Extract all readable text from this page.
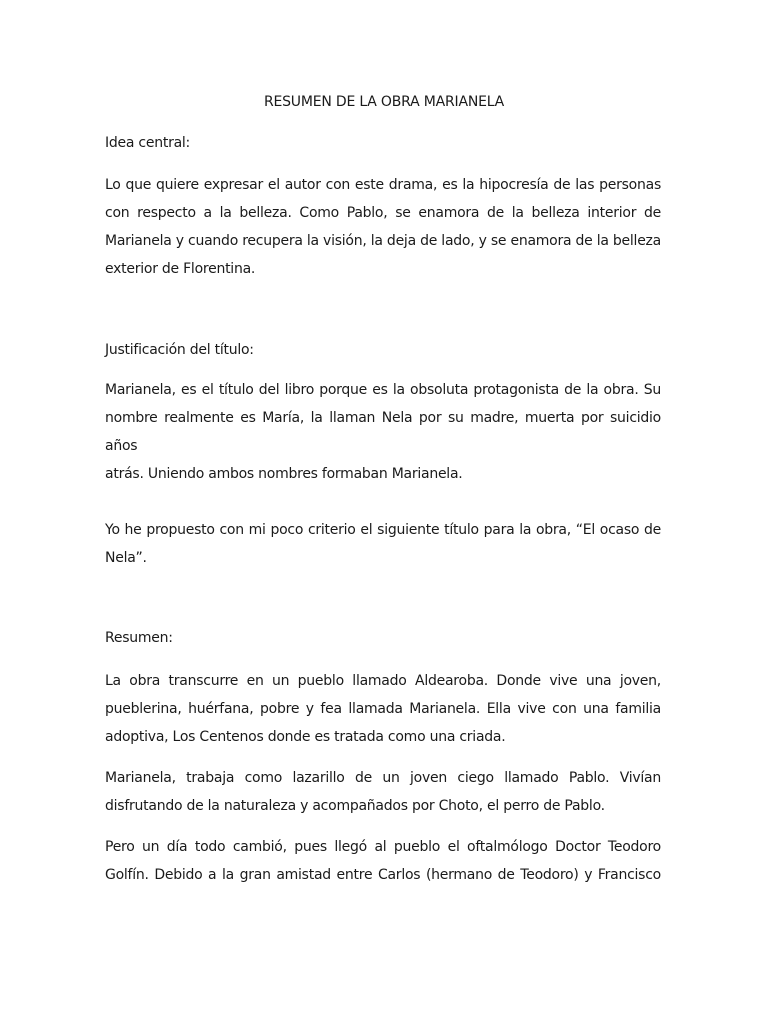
RESUMEN DE LA OBRA MARIANELA
Idea central:
Lo que quiere expresar el autor con este drama, es la hipocresía de las personas
con respecto a la belleza. Como Pablo, se enamora de la belleza interior de
Marianela y cuando recupera la visión, la deja de lado, y se enamora de la belleza
exterior de Florentina.
Justificación del título:
Marianela, es el título del libro porque es la obsoluta protagonista de la obra. Su
nombre realmente es María, la llaman Nela por su madre, muerta por suicidio años
atrás. Uniendo ambos nombres formaban Marianela.
Yo he propuesto con mi poco criterio el siguiente título para la obra, “El ocaso de
Nela”.
Resumen:
La obra transcurre en un pueblo llamado Aldearoba. Donde vive una joven,
pueblerina, huérfana, pobre y fea llamada Marianela. Ella vive con una familia
adoptiva, Los Centenos donde es tratada como una criada.
Marianela, trabaja como lazarillo de un joven ciego llamado Pablo. Vivían
disfrutando de la naturaleza y acompañados por Choto, el perro de Pablo.
Pero un día todo cambió, pues llegó al pueblo el oftalmólogo Doctor Teodoro
Golfín. Debido a la gran amistad entre Carlos (hermano de Teodoro) y Francisco
